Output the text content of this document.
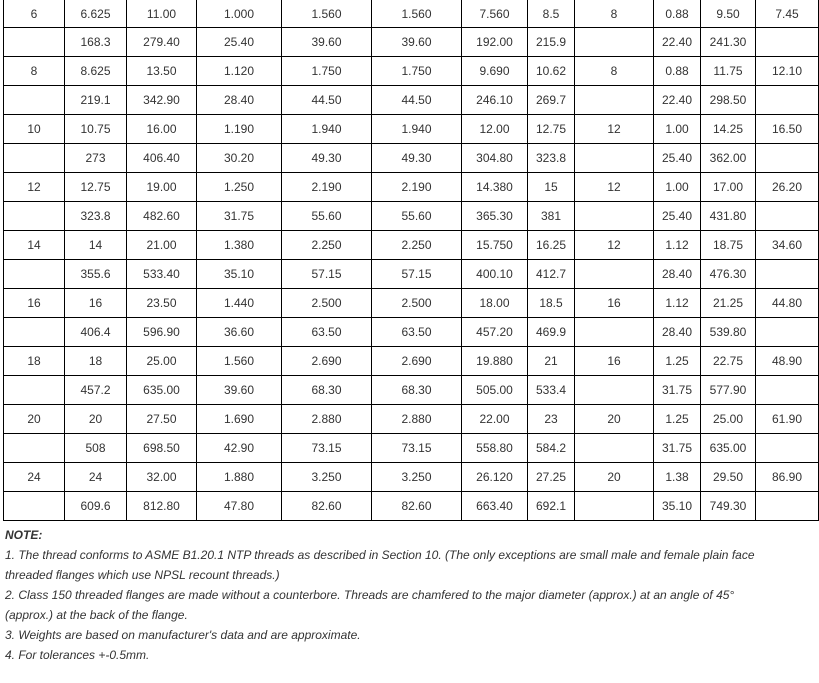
6	6.625	11.00	1.000	1.560	1.560	7.560	8.5	8	0.88	9.50	7.45
	168.3	279.40	25.40	39.60	39.60	192.00	215.9		22.40	241.30	
8	8.625	13.50	1.120	1.750	1.750	9.690	10.62	8	0.88	11.75	12.10
	219.1	342.90	28.40	44.50	44.50	246.10	269.7		22.40	298.50	
10	10.75	16.00	1.190	1.940	1.940	12.00	12.75	12	1.00	14.25	16.50
	273	406.40	30.20	49.30	49.30	304.80	323.8		25.40	362.00	
12	12.75	19.00	1.250	2.190	2.190	14.380	15	12	1.00	17.00	26.20
	323.8	482.60	31.75	55.60	55.60	365.30	381		25.40	431.80	
14	14	21.00	1.380	2.250	2.250	15.750	16.25	12	1.12	18.75	34.60
	355.6	533.40	35.10	57.15	57.15	400.10	412.7		28.40	476.30	
16	16	23.50	1.440	2.500	2.500	18.00	18.5	16	1.12	21.25	44.80
	406.4	596.90	36.60	63.50	63.50	457.20	469.9		28.40	539.80	
18	18	25.00	1.560	2.690	2.690	19.880	21	16	1.25	22.75	48.90
	457.2	635.00	39.60	68.30	68.30	505.00	533.4		31.75	577.90	
20	20	27.50	1.690	2.880	2.880	22.00	23	20	1.25	25.00	61.90
	508	698.50	42.90	73.15	73.15	558.80	584.2		31.75	635.00	
24	24	32.00	1.880	3.250	3.250	26.120	27.25	20	1.38	29.50	86.90
	609.6	812.80	47.80	82.60	82.60	663.40	692.1		35.10	749.30	
NOTE:
1. The thread conforms to ASME B1.20.1 NTP threads as described in Section 10. (The only exceptions are small male and female plain face threaded flanges which use NPSL recount threads.)
2. Class 150 threaded flanges are made without a counterbore. Threads are chamfered to the major diameter (approx.) at an angle of 45° (approx.) at the back of the flange.
3. Weights are based on manufacturer's data and are approximate.
4. For tolerances +-0.5mm.
